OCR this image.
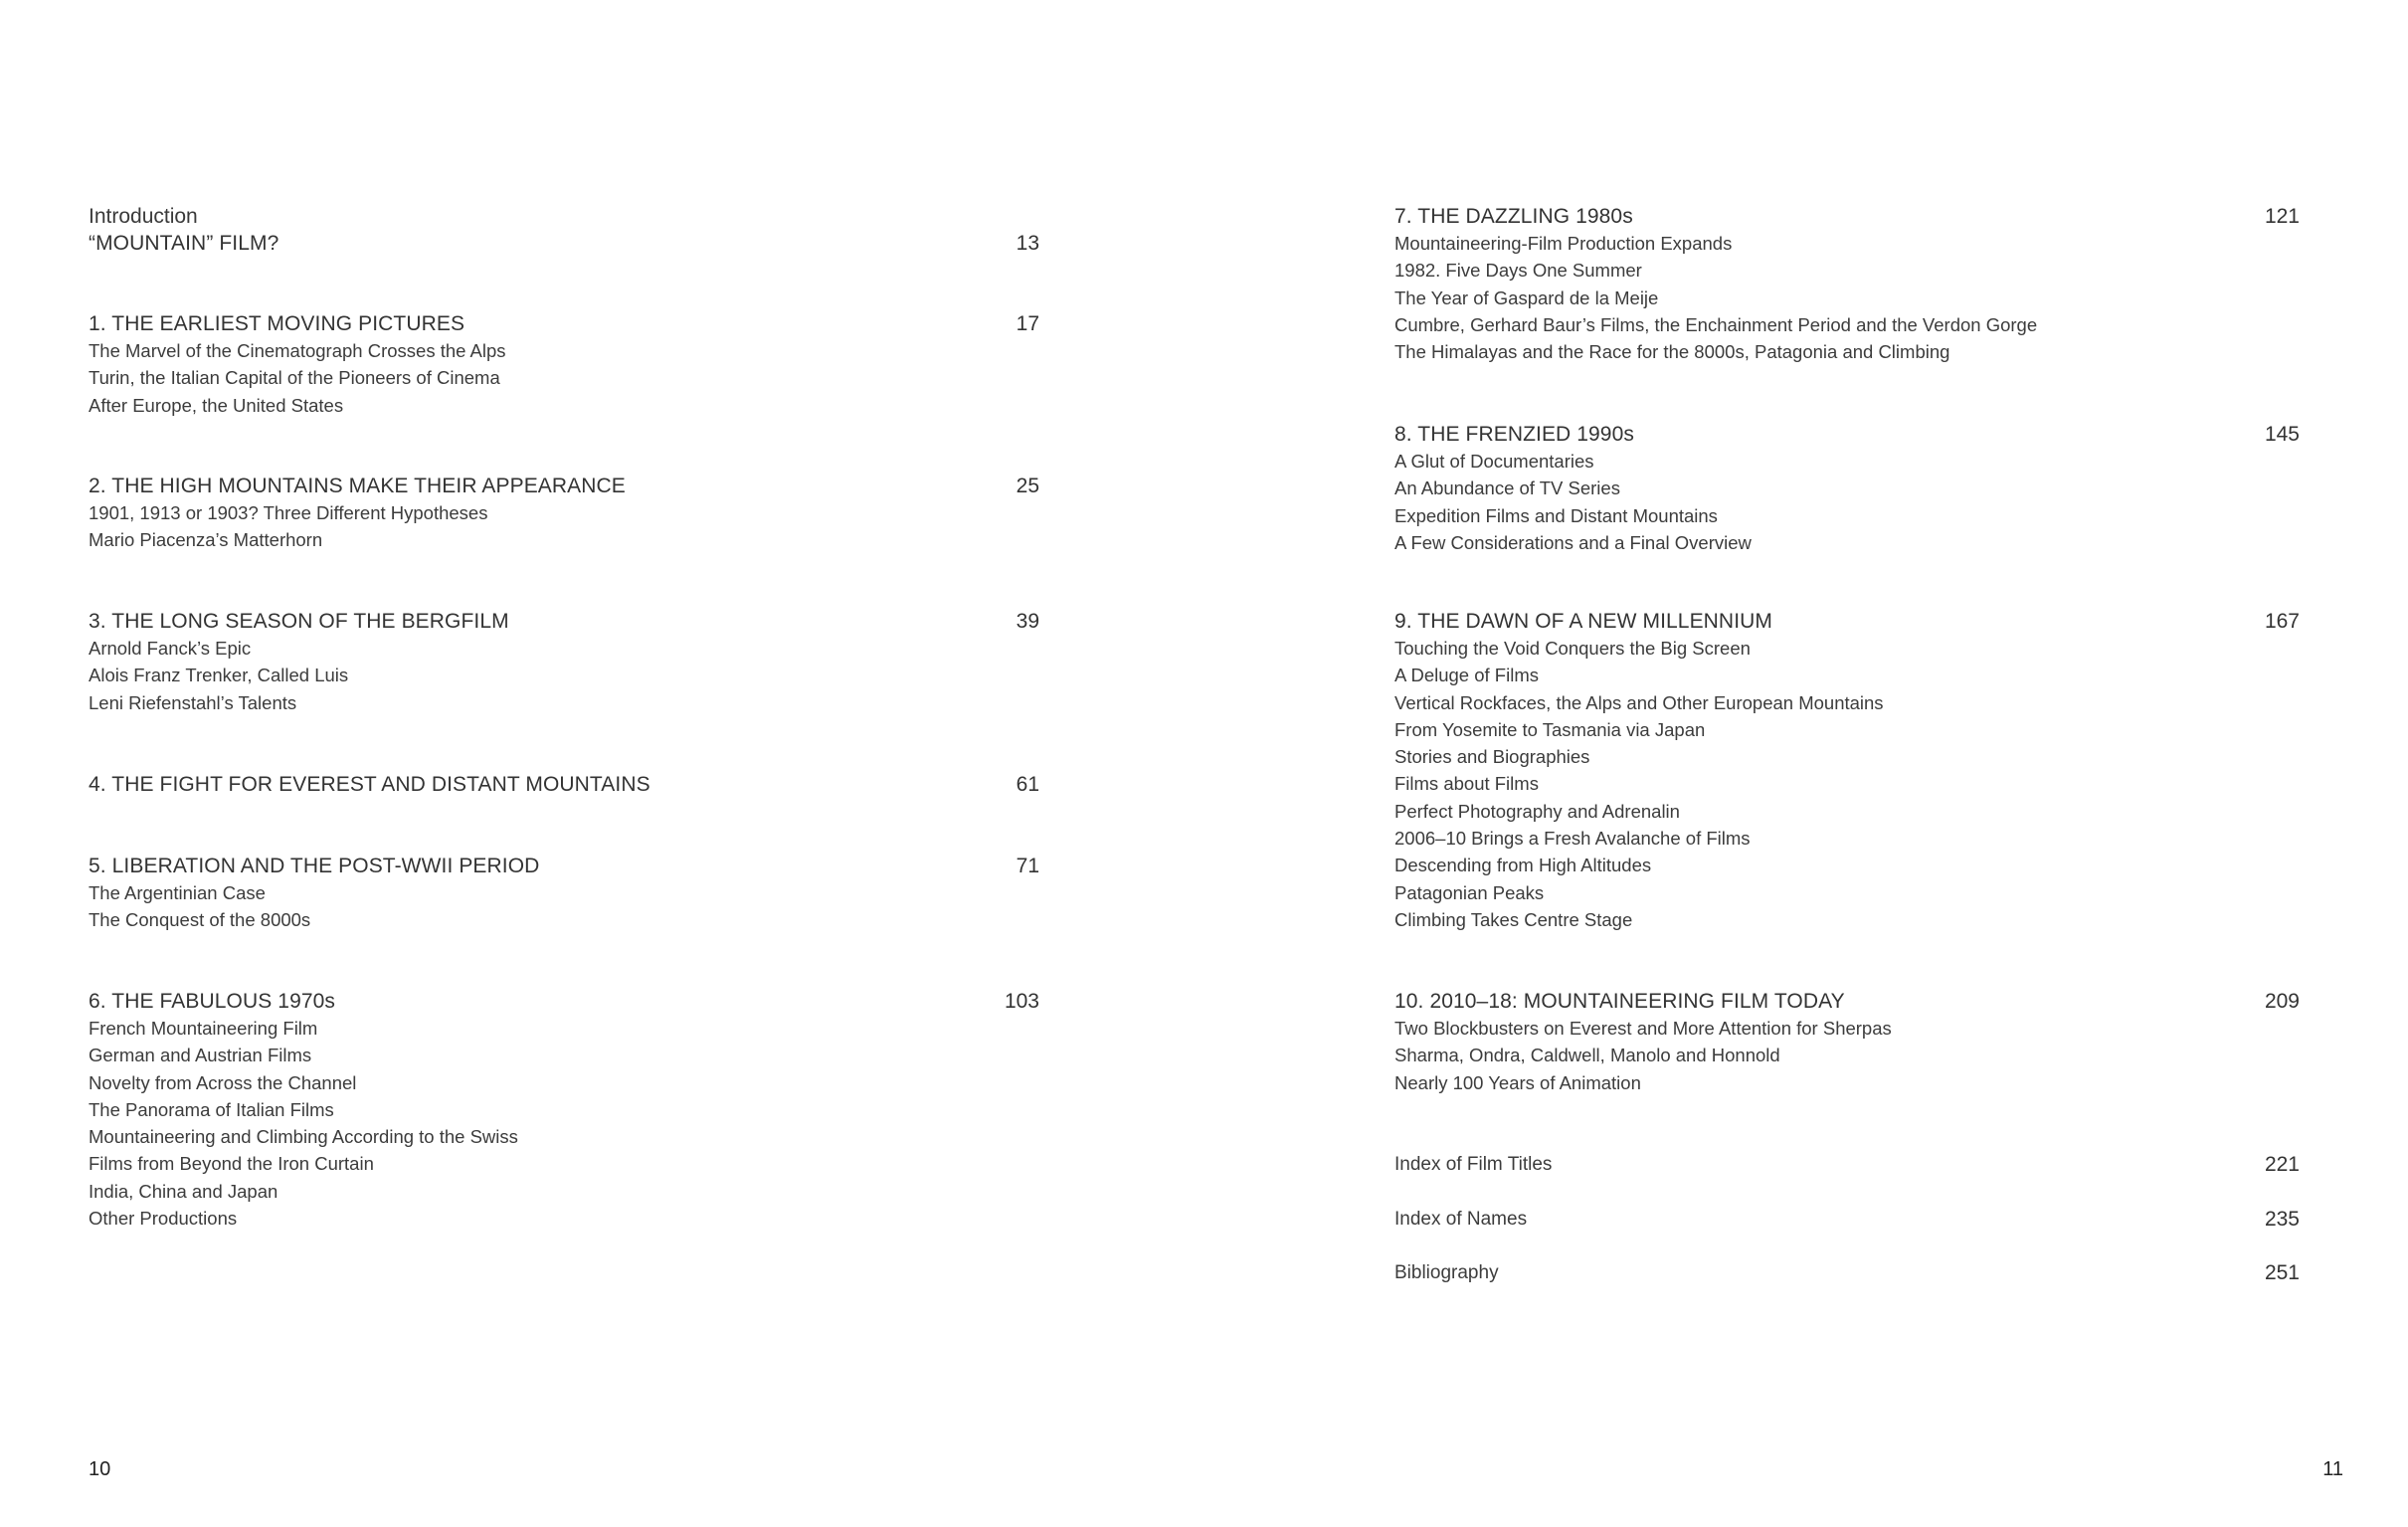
Introduction
“MOUNTAIN” FILM?	13
1. THE EARLIEST MOVING PICTURES	17
The Marvel of the Cinematograph Crosses the Alps
Turin, the Italian Capital of the Pioneers of Cinema
After Europe, the United States
2. THE HIGH MOUNTAINS MAKE THEIR APPEARANCE	25
1901, 1913 or 1903? Three Different Hypotheses
Mario Piacenza’s Matterhorn
3. THE LONG SEASON OF THE BERGFILM	39
Arnold Fanck’s Epic
Alois Franz Trenker, Called Luis
Leni Riefenstahl’s Talents
4. THE FIGHT FOR EVEREST AND DISTANT MOUNTAINS	61
5. LIBERATION AND THE POST-WWII PERIOD	71
The Argentinian Case
The Conquest of the 8000s
6. THE FABULOUS 1970s	103
French Mountaineering Film
German and Austrian Films
Novelty from Across the Channel
The Panorama of Italian Films
Mountaineering and Climbing According to the Swiss
Films from Beyond the Iron Curtain
India, China and Japan
Other Productions
10
7. THE DAZZLING 1980s	121
Mountaineering-Film Production Expands
1982. Five Days One Summer
The Year of Gaspard de la Meije
Cumbre, Gerhard Baur’s Films, the Enchainment Period and the Verdon Gorge
The Himalayas and the Race for the 8000s, Patagonia and Climbing
8. THE FRENZIED 1990s	145
A Glut of Documentaries
An Abundance of TV Series
Expedition Films and Distant Mountains
A Few Considerations and a Final Overview
9. THE DAWN OF A NEW MILLENNIUM	167
Touching the Void Conquers the Big Screen
A Deluge of Films
Vertical Rockfaces, the Alps and Other European Mountains
From Yosemite to Tasmania via Japan
Stories and Biographies
Films about Films
Perfect Photography and Adrenalin
2006–10 Brings a Fresh Avalanche of Films
Descending from High Altitudes
Patagonian Peaks
Climbing Takes Centre Stage
10. 2010–18: MOUNTAINEERING FILM TODAY	209
Two Blockbusters on Everest and More Attention for Sherpas
Sharma, Ondra, Caldwell, Manolo and Honnold
Nearly 100 Years of Animation
Index of Film Titles	221
Index of Names	235
Bibliography	251
11
